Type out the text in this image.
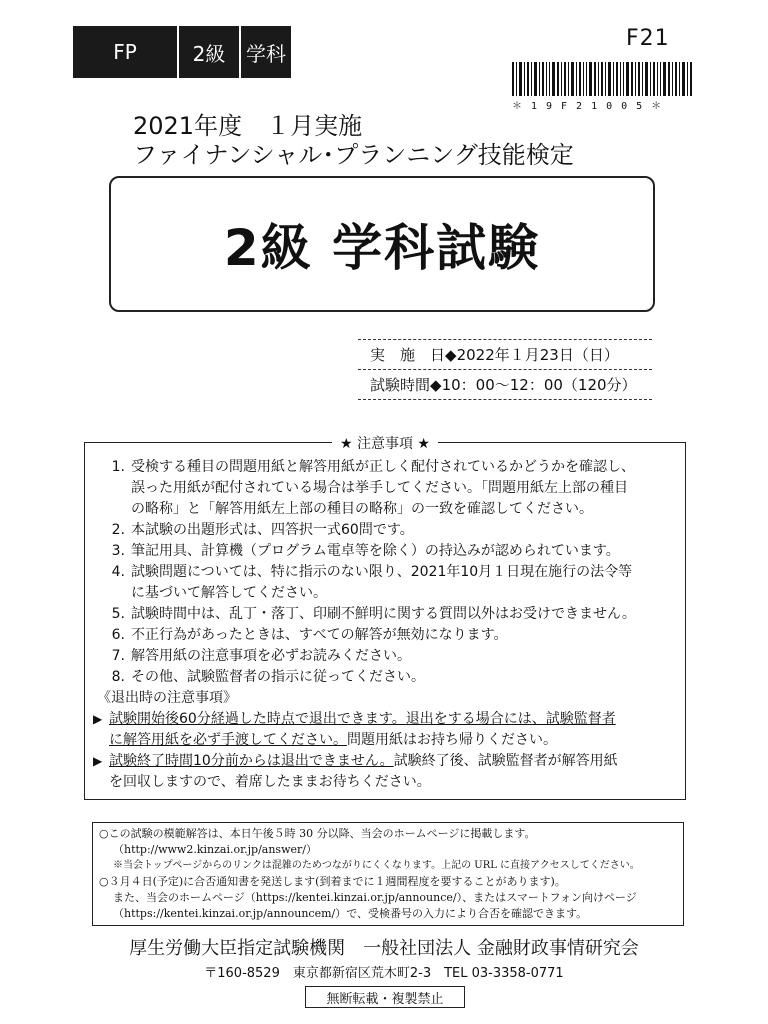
FP	2級	学科
F21
＊19F21005＊
2021年度　１月実施
ファイナンシャル･プランニング技能検定
2級 学科試験
実　施　日 ◆ 2022年１月23日（日）
試験時間 ◆ 10：00～12：00（120分）
★ 注意事項 ★
1. 受検する種目の問題用紙と解答用紙が正しく配付されているかどうかを確認し、
誤った用紙が配付されている場合は挙手してください。「問題用紙左上部の種目
の略称」と「解答用紙左上部の種目の略称」の一致を確認してください。
2. 本試験の出題形式は、四答択一式60問です。
3. 筆記用具、計算機（プログラム電卓等を除く）の持込みが認められています。
4. 試験問題については、特に指示のない限り、2021年10月１日現在施行の法令等
に基づいて解答してください。
5. 試験時間中は、乱丁・落丁、印刷不鮮明に関する質問以外はお受けできません。
6. 不正行為があったときは、すべての解答が無効になります。
7. 解答用紙の注意事項を必ずお読みください。
8. その他、試験監督者の指示に従ってください。
《退出時の注意事項》
▶ 試験開始後60分経過した時点で退出できます。退出をする場合には、試験監督者
に解答用紙を必ず手渡してください。問題用紙はお持ち帰りください。
▶ 試験終了時間10分前からは退出できません。試験終了後、試験監督者が解答用紙
を回収しますので、着席したままお待ちください。
○この試験の模範解答は、本日午後５時 30 分以降、当会のホームページに掲載します。
（http://www2.kinzai.or.jp/answer/）
※当会トップページからのリンクは混雑のためつながりにくくなります。上記の URL に直接アクセスしてください。
○３月４日(予定)に合否通知書を発送します(到着までに１週間程度を要することがあります)。
また、当会のホームページ（https://kentei.kinzai.or.jp/announce/）、またはスマートフォン向けページ
（https://kentei.kinzai.or.jp/announcem/）で、受検番号の入力により合否を確認できます。
厚生労働大臣指定試験機関　一般社団法人 金融財政事情研究会
〒160-8529　東京都新宿区荒木町2-3　TEL 03-3358-0771
無断転載・複製禁止
